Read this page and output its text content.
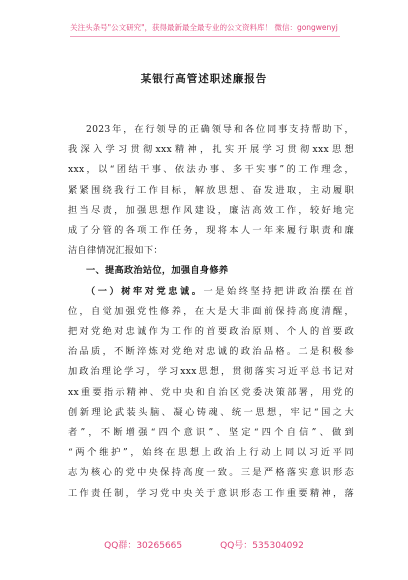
关注头条号"公文研究"，获得最新最全最专业的公文资料库！ 微信：gongwenyj
某银行高管述职述廉报告

2023年，在行领导的正确领导和各位同事支持帮助下，

我深入学习贯彻xxx精神，扎实开展学习贯彻xxx思想

xxx，以“团结干事、依法办事、多干实事”的工作理念，

紧紧围绕我行工作目标，解放思想、奋发进取，主动履职

担当尽责，加强思想作风建设，廉洁高效工作，较好地完

成了分管的各项工作任务，现将本人一年来履行职责和廉

洁自律情况汇报如下：

一、提高政治站位，加强自身修养

（一）树牢对党忠诚。一是始终坚持把讲政治摆在首

位，自觉加强党性修养，在大是大非面前保持高度清醒，

把对党绝对忠诚作为工作的首要政治原则、个人的首要政

治品质，不断淬炼对党绝对忠诚的政治品格。二是积极参

加政治理论学习，学习xxx思想，贯彻落实习近平总书记对

xx重要指示精神、党中央和自治区党委决策部署，用党的

创新理论武装头脑、凝心铸魂、统一思想，牢记“国之大

者”，不断增强“四个意识”、坚定“四个自信”、做到

“两个维护”，始终在思想上政治上行动上同以习近平同

志为核心的党中央保持高度一致。三是严格落实意识形态

工作责任制，学习党中央关于意识形态工作重要精神，落

QQ群：30265665	QQ号：535304092
